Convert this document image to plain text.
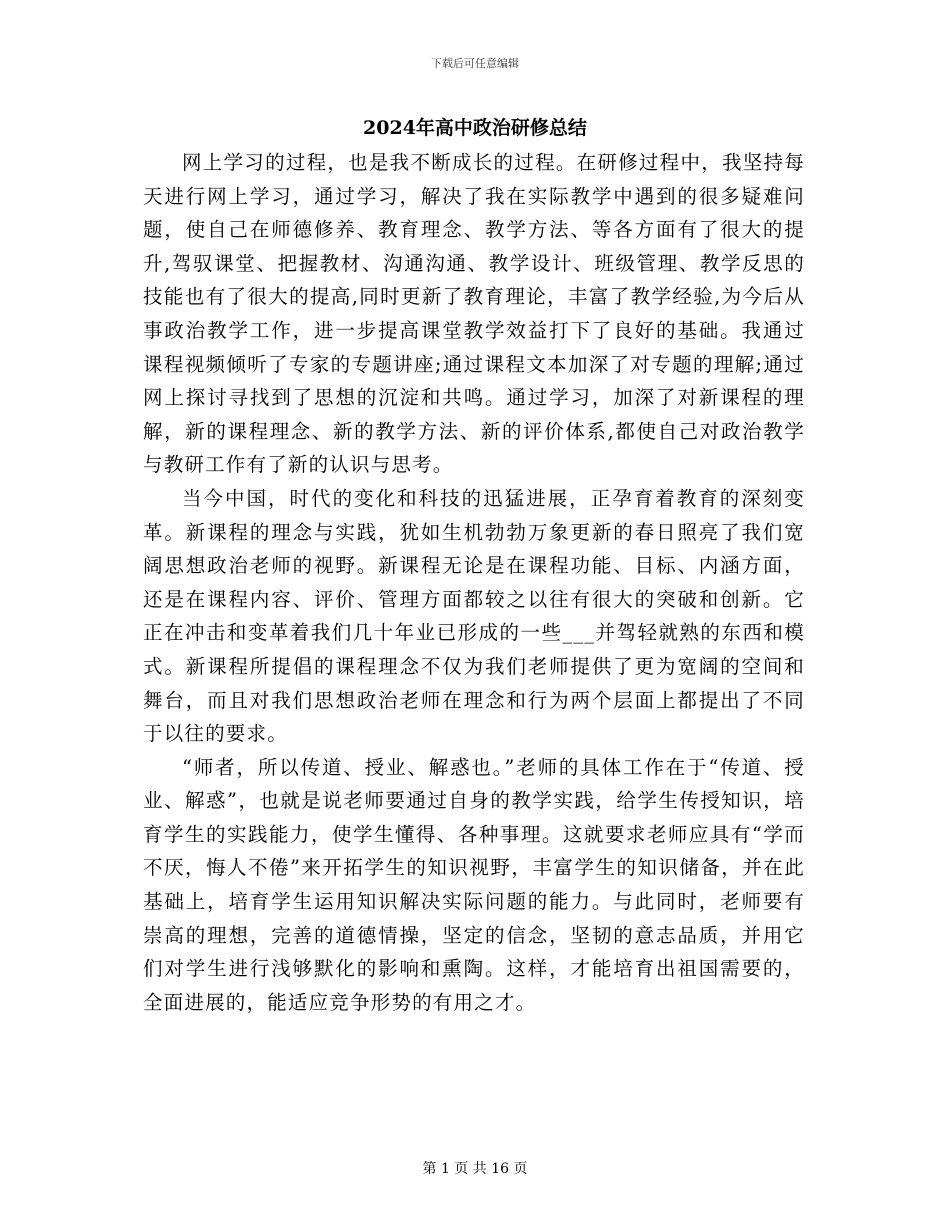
下载后可任意编辑
2024年高中政治研修总结

网上学习的过程，也是我不断成长的过程。在研修过程中，我坚持每天进行网上学习，通过学习，解决了我在实际教学中遇到的很多疑难问题，使自己在师德修养、教育理念、教学方法、等各方面有了很大的提升,驾驭课堂、把握教材、沟通沟通、教学设计、班级管理、教学反思的技能也有了很大的提高,同时更新了教育理论，丰富了教学经验,为今后从事政治教学工作，进一步提高课堂教学效益打下了良好的基础。我通过课程视频倾听了专家的专题讲座;通过课程文本加深了对专题的理解;通过网上探讨寻找到了思想的沉淀和共鸣。通过学习，加深了对新课程的理解，新的课程理念、新的教学方法、新的评价体系,都使自己对政治教学与教研工作有了新的认识与思考。

当今中国，时代的变化和科技的迅猛进展，正孕育着教育的深刻变革。新课程的理念与实践，犹如生机勃勃万象更新的春日照亮了我们宽阔思想政治老师的视野。新课程无论是在课程功能、目标、内涵方面，还是在课程内容、评价、管理方面都较之以往有很大的突破和创新。它正在冲击和变革着我们几十年业已形成的一些___并驾轻就熟的东西和模式。新课程所提倡的课程理念不仅为我们老师提供了更为宽阔的空间和舞台，而且对我们思想政治老师在理念和行为两个层面上都提出了不同于以往的要求。

“师者，所以传道、授业、解惑也。”老师的具体工作在于“传道、授业、解惑”，也就是说老师要通过自身的教学实践，给学生传授知识，培育学生的实践能力，使学生懂得、各种事理。这就要求老师应具有“学而不厌，悔人不倦”来开拓学生的知识视野，丰富学生的知识储备，并在此基础上，培育学生运用知识解决实际问题的能力。与此同时，老师要有崇高的理想，完善的道德情操，坚定的信念，坚韧的意志品质，并用它们对学生进行浅够默化的影响和熏陶。这样，才能培育出祖国需要的，全面进展的，能适应竞争形势的有用之才。

第 1 页 共 16 页
